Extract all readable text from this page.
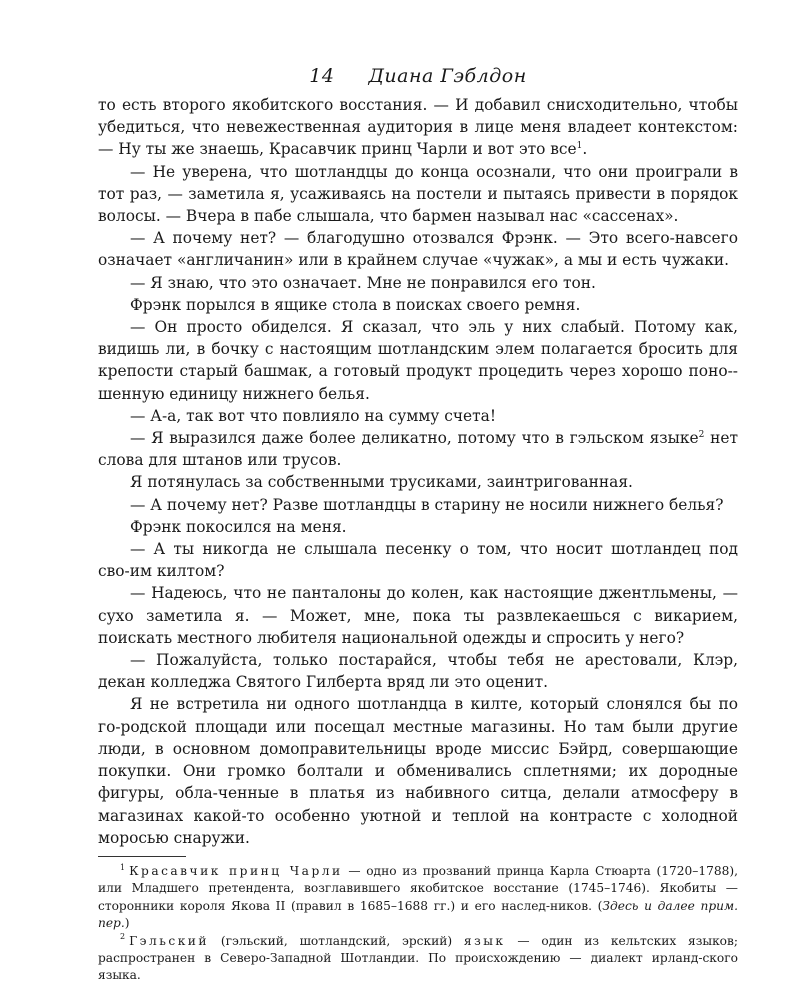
14 Диана Гэблдон

то есть второго якобитского восстания. — И добавил снисходительно, чтобы убедиться, что невежественная аудитория в лице меня владеет контекстом: — Ну ты же знаешь, Красавчик принц Чарли и вот это все$^1$.

— Не уверена, что шотландцы до конца осознали, что они проиграли в тот раз, — заметила я, усаживаясь на постели и пытаясь привести в порядок волосы. — Вчера в пабе слышала, что бармен называл нас «сассенах».

— А почему нет? — благодушно отозвался Фрэнк. — Это всего-навсего означает «англичанин» или в крайнем случае «чужак», а мы и есть чужаки.

— Я знаю, что это означает. Мне не понравился его тон.

Фрэнк порылся в ящике стола в поисках своего ремня.

— Он просто обиделся. Я сказал, что эль у них слабый. Потому как, видишь ли, в бочку с настоящим шотландским элем полагается бросить для крепости старый башмак, а готовый продукт процедить через хорошо поно-шенную единицу нижнего белья.

— А-а, так вот что повлияло на сумму счета!

— Я выразился даже более деликатно, потому что в гэльском языке$^2$ нет слова для штанов или трусов.

Я потянулась за собственными трусиками, заинтригованная.

— А почему нет? Разве шотландцы в старину не носили нижнего белья?

Фрэнк покосился на меня.

— А ты никогда не слышала песенку о том, что носит шотландец под сво-им килтом?

— Надеюсь, что не панталоны до колен, как настоящие джентльмены, — сухо заметила я. — Может, мне, пока ты развлекаешься с викарием, поискать местного любителя национальной одежды и спросить у него?

— Пожалуйста, только постарайся, чтобы тебя не арестовали, Клэр, декан колледжа Святого Гилберта вряд ли это оценит.

Я не встретила ни одного шотландца в килте, который слонялся бы по го-родской площади или посещал местные магазины. Но там были другие люди, в основном домоправительницы вроде миссис Бэйрд, совершающие покупки. Они громко болтали и обменивались сплетнями; их дородные фигуры, обла-ченные в платья из набивного ситца, делали атмосферу в магазинах какой-то особенно уютной и теплой на контрасте с холодной моросью снаружи.

$^1$ Красавчик принц Чарли — одно из прозваний принца Карла Стюарта (1720–1788), или Младшего претендента, возглавившего якобитское восстание (1745–1746). Якобиты — сторонники короля Якова II (правил в 1685–1688 гг.) и его наслед-ников. (Здесь и далее прим. пер.)

$^2$ Гэльский (гэльский, шотландский, эрский) язык — один из кельтских языков; распространен в Северо-Западной Шотландии. По происхождению — диалект ирланд-ского языка.
